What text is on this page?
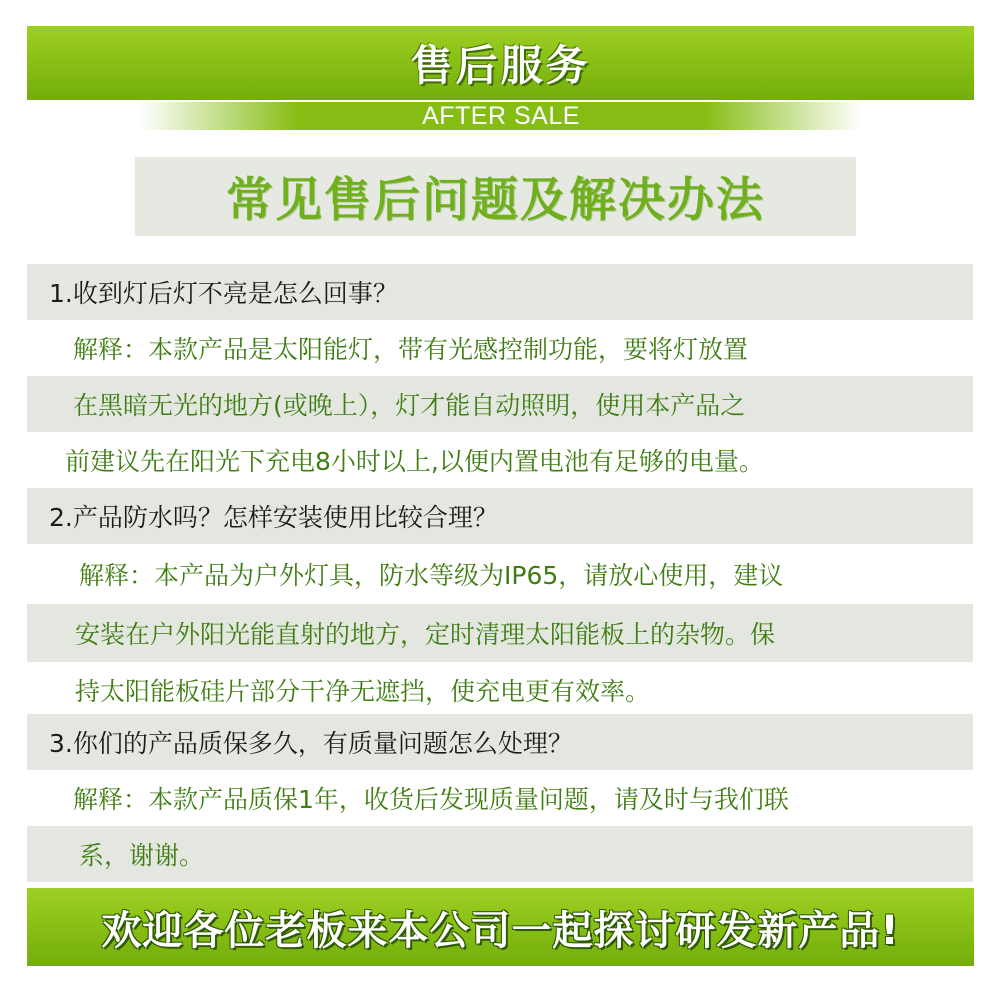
售后服务
AFTER SALE
常见售后问题及解决办法
1.收到灯后灯不亮是怎么回事？
解释：本款产品是太阳能灯，带有光感控制功能，要将灯放置
在黑暗无光的地方(或晚上），灯才能自动照明，使用本产品之
前建议先在阳光下充电8小时以上,以便内置电池有足够的电量。
2.产品防水吗？怎样安装使用比较合理？
解释：本产品为户外灯具，防水等级为IP65，请放心使用，建议
安装在户外阳光能直射的地方，定时清理太阳能板上的杂物。保
持太阳能板硅片部分干净无遮挡，使充电更有效率。
3.你们的产品质保多久，有质量问题怎么处理？
解释：本款产品质保1年，收货后发现质量问题，请及时与我们联
系，谢谢。
欢迎各位老板来本公司一起探讨研发新产品!
